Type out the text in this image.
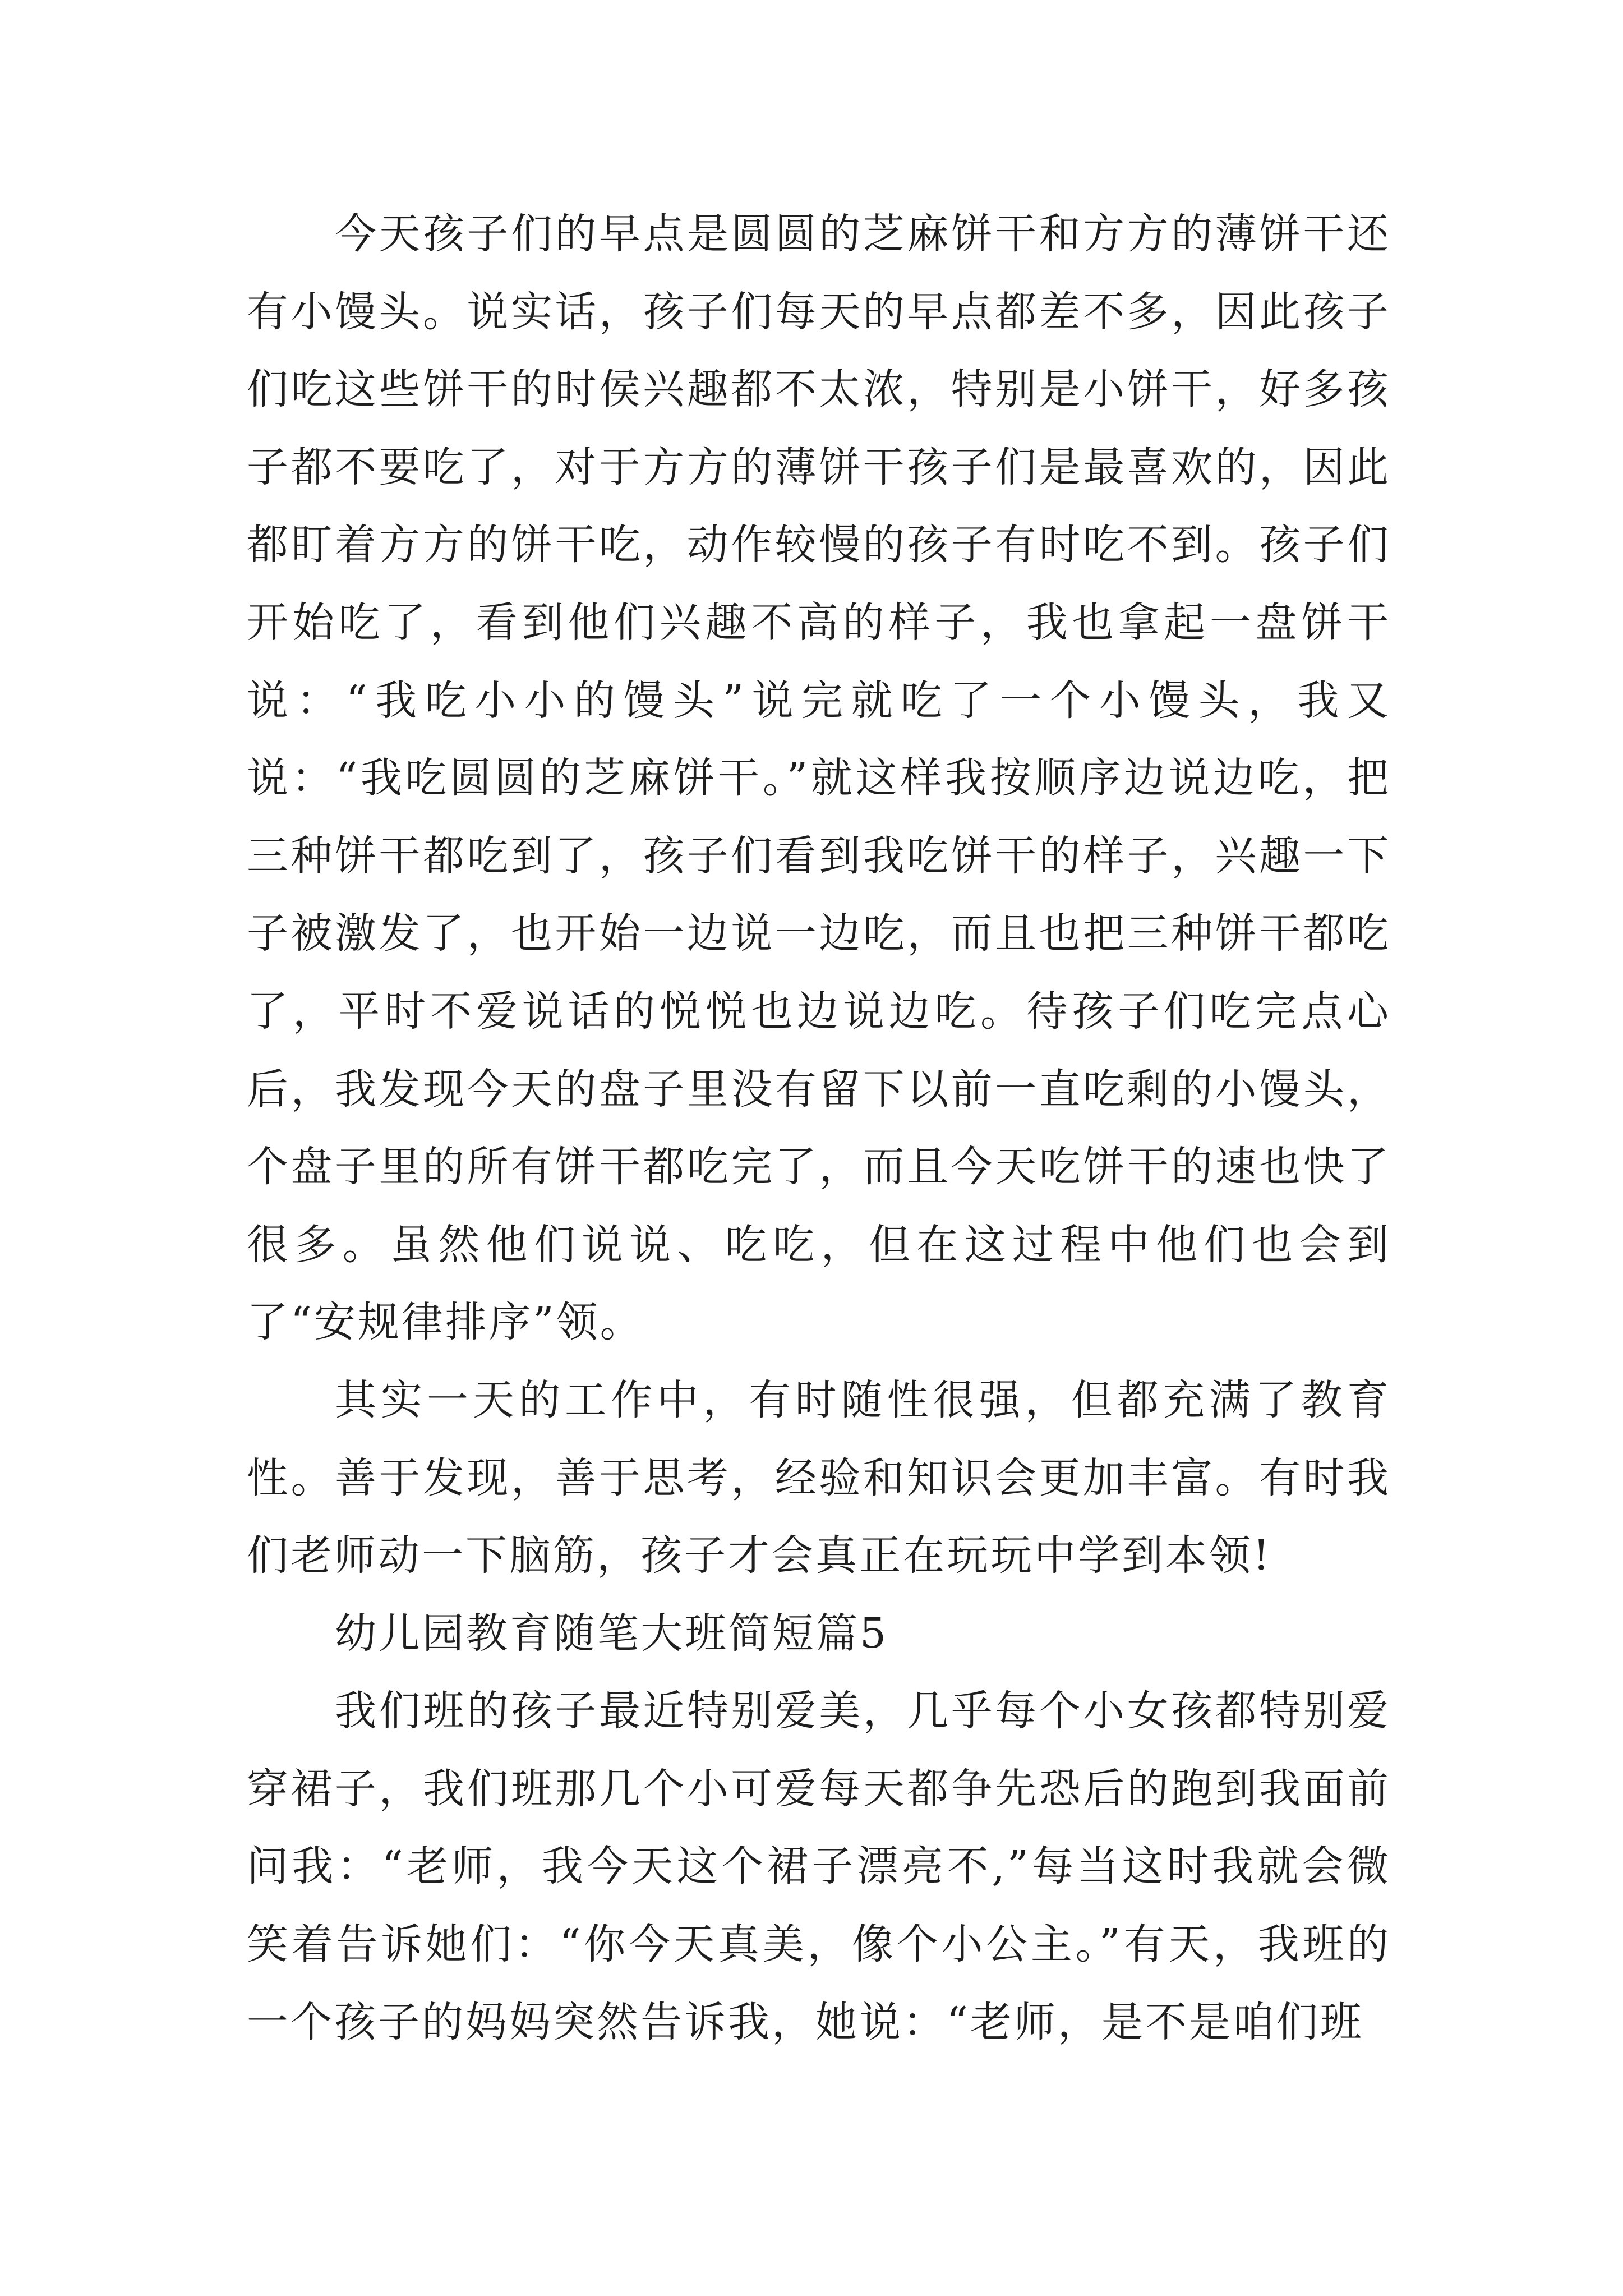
今天孩子们的早点是圆圆的芝麻饼干和方方的薄饼干还有小馒头。说实话，孩子们每天的早点都差不多，因此孩子们吃这些饼干的时侯兴趣都不太浓，特别是小饼干，好多孩子都不要吃了，对于方方的薄饼干孩子们是最喜欢的，因此都盯着方方的饼干吃，动作较慢的孩子有时吃不到。孩子们开始吃了，看到他们兴趣不高的样子，我也拿起一盘饼干说：“我吃小小的馒头”说完就吃了一个小馒头，我又说：“我吃圆圆的芝麻饼干。”就这样我按顺序边说边吃，把三种饼干都吃到了，孩子们看到我吃饼干的样子，兴趣一下子被激发了，也开始一边说一边吃，而且也把三种饼干都吃了，平时不爱说话的悦悦也边说边吃。待孩子们吃完点心后，我发现今天的盘子里没有留下以前一直吃剩的小馒头，个盘子里的所有饼干都吃完了，而且今天吃饼干的速也快了很多。虽然他们说说、吃吃，但在这过程中他们也会到了“安规律排序”领。

其实一天的工作中，有时随性很强，但都充满了教育性。善于发现，善于思考，经验和知识会更加丰富。有时我们老师动一下脑筋，孩子才会真正在玩玩中学到本领!

幼儿园教育随笔大班简短篇5

我们班的孩子最近特别爱美，几乎每个小女孩都特别爱穿裙子，我们班那几个小可爱每天都争先恐后的跑到我面前问我：“老师，我今天这个裙子漂亮不,”每当这时我就会微笑着告诉她们：“你今天真美，像个小公主。”有天，我班的一个孩子的妈妈突然告诉我，她说：“老师，是不是咱们班
